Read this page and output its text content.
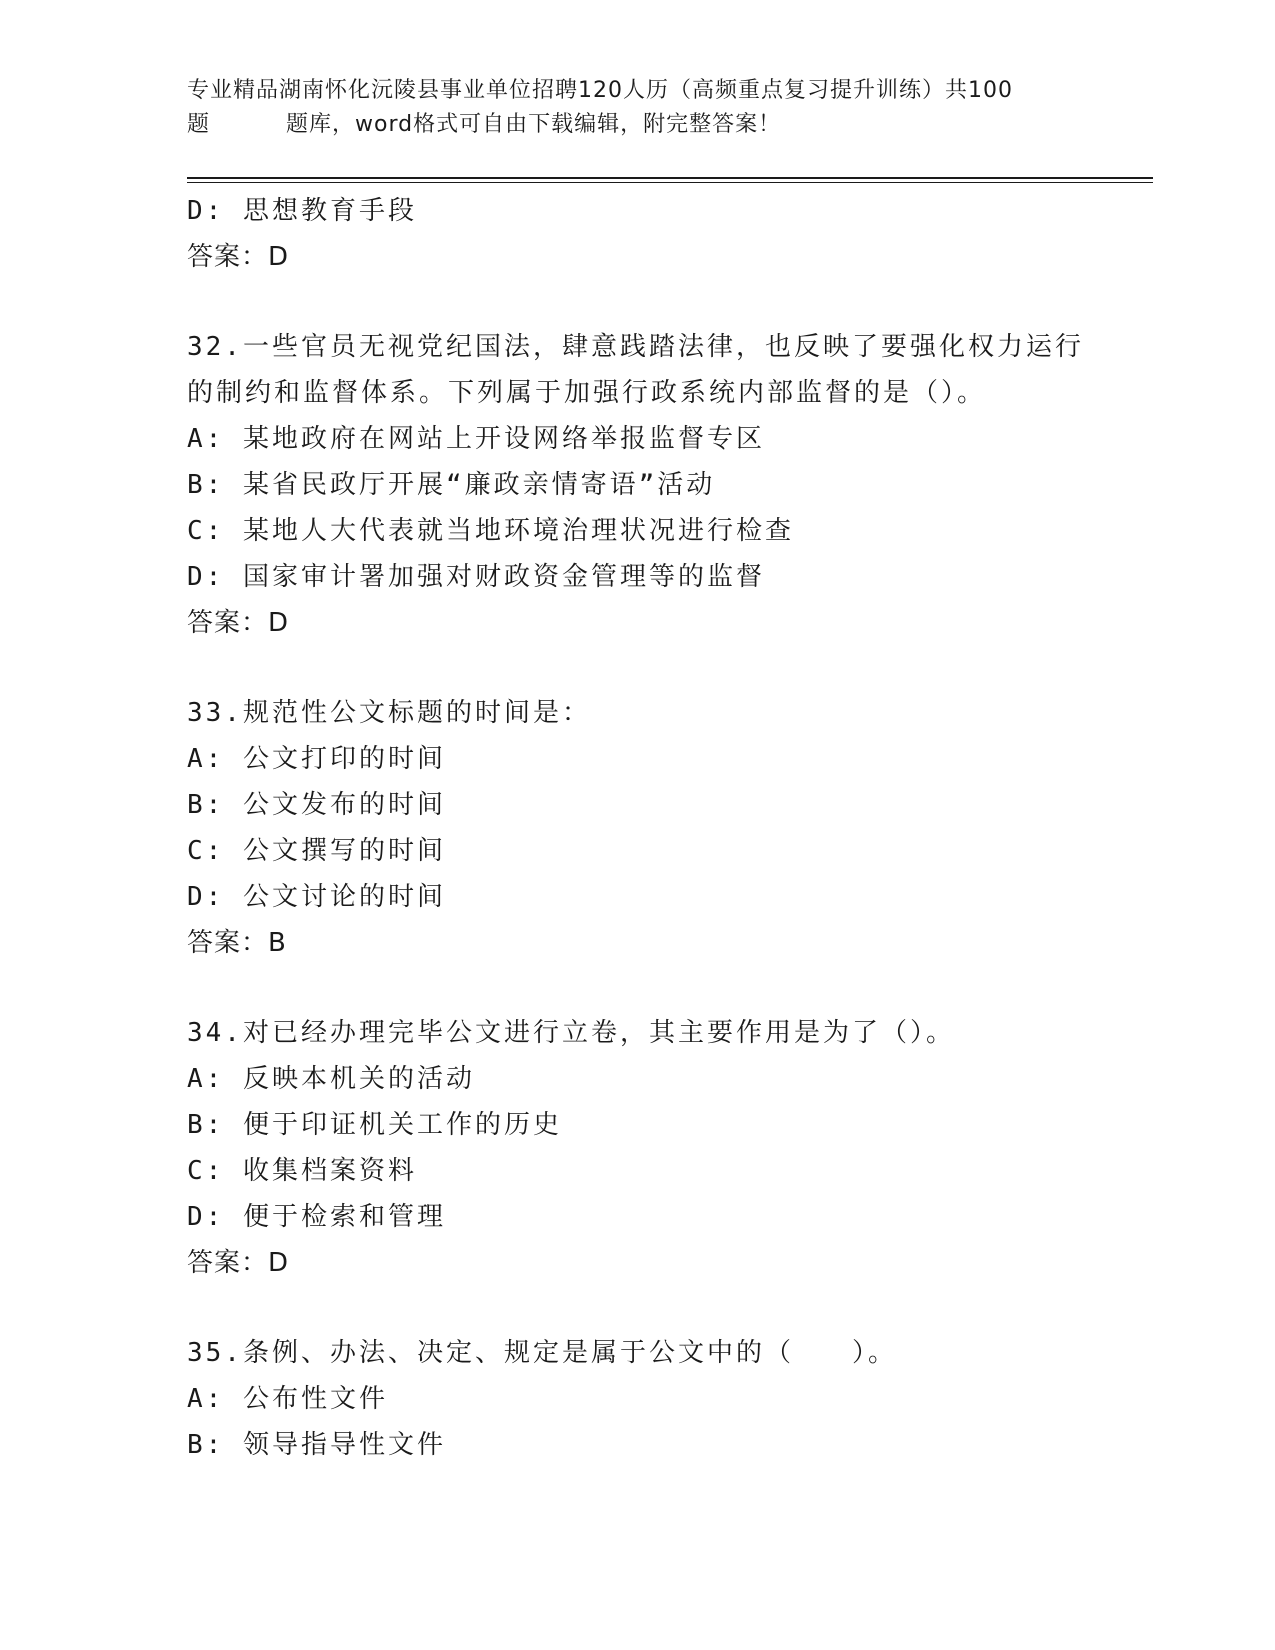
专业精品湖南怀化沅陵县事业单位招聘120人历（高频重点复习提升训练）共100
题	题库，word格式可自由下载编辑，附完整答案！
D: 思想教育手段
答案：D
32.一些官员无视党纪国法，肆意践踏法律，也反映了要强化权力运行
的制约和监督体系。下列属于加强行政系统内部监督的是（）。
A: 某地政府在网站上开设网络举报监督专区
B: 某省民政厅开展“廉政亲情寄语”活动
C: 某地人大代表就当地环境治理状况进行检查
D: 国家审计署加强对财政资金管理等的监督
答案：D
33.规范性公文标题的时间是：
A: 公文打印的时间
B: 公文发布的时间
C: 公文撰写的时间
D: 公文讨论的时间
答案：B
34.对已经办理完毕公文进行立卷，其主要作用是为了（）。
A: 反映本机关的活动
B: 便于印证机关工作的历史
C: 收集档案资料
D: 便于检索和管理
答案：D
35.条例、办法、决定、规定是属于公文中的（　　）。
A: 公布性文件
B: 领导指导性文件
